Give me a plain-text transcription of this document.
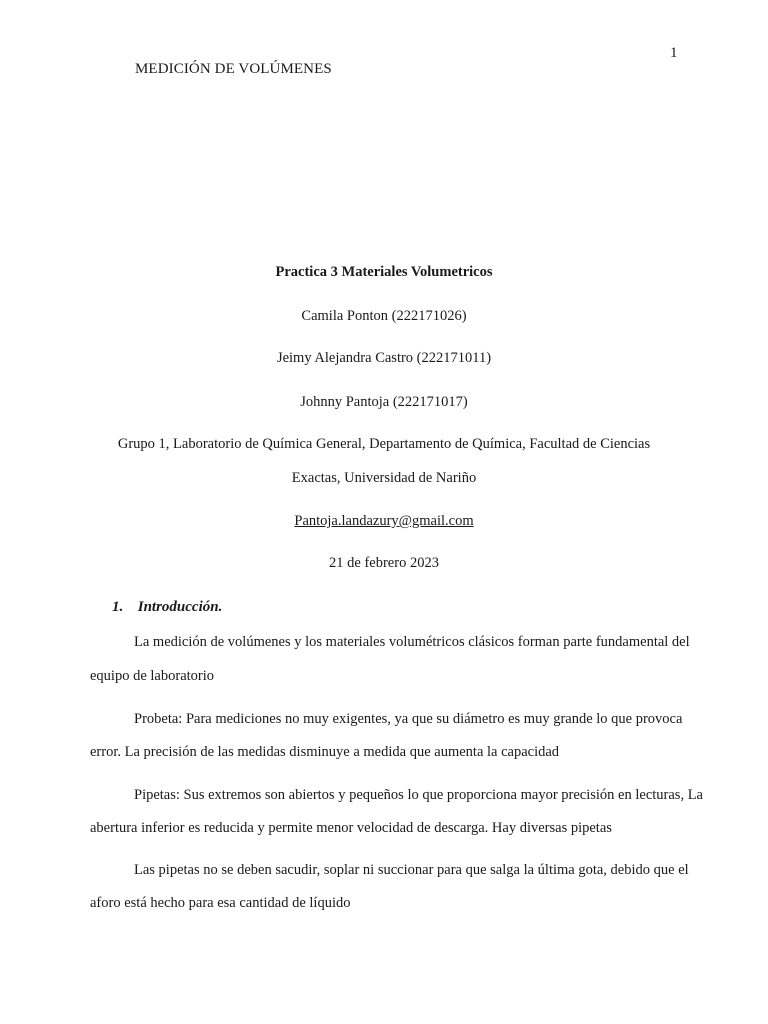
1
MEDICIÓN DE VOLÚMENES
Practica 3 Materiales Volumetricos
Camila Ponton (222171026)
Jeimy Alejandra Castro (222171011)
Johnny Pantoja (222171017)
Grupo 1, Laboratorio de Química General, Departamento de Química, Facultad de Ciencias
Exactas, Universidad de Nariño
Pantoja.landazury@gmail.com
21 de febrero 2023
1. Introducción.
La medición de volúmenes y los materiales volumétricos clásicos forman parte fundamental del
equipo de laboratorio
Probeta: Para mediciones no muy exigentes, ya que su diámetro es muy grande lo que provoca
error. La precisión de las medidas disminuye a medida que aumenta la capacidad
Pipetas: Sus extremos son abiertos y pequeños lo que proporciona mayor precisión en lecturas, La
abertura inferior es reducida y permite menor velocidad de descarga. Hay diversas pipetas
Las pipetas no se deben sacudir, soplar ni succionar para que salga la última gota, debido que el
aforo está hecho para esa cantidad de líquido
